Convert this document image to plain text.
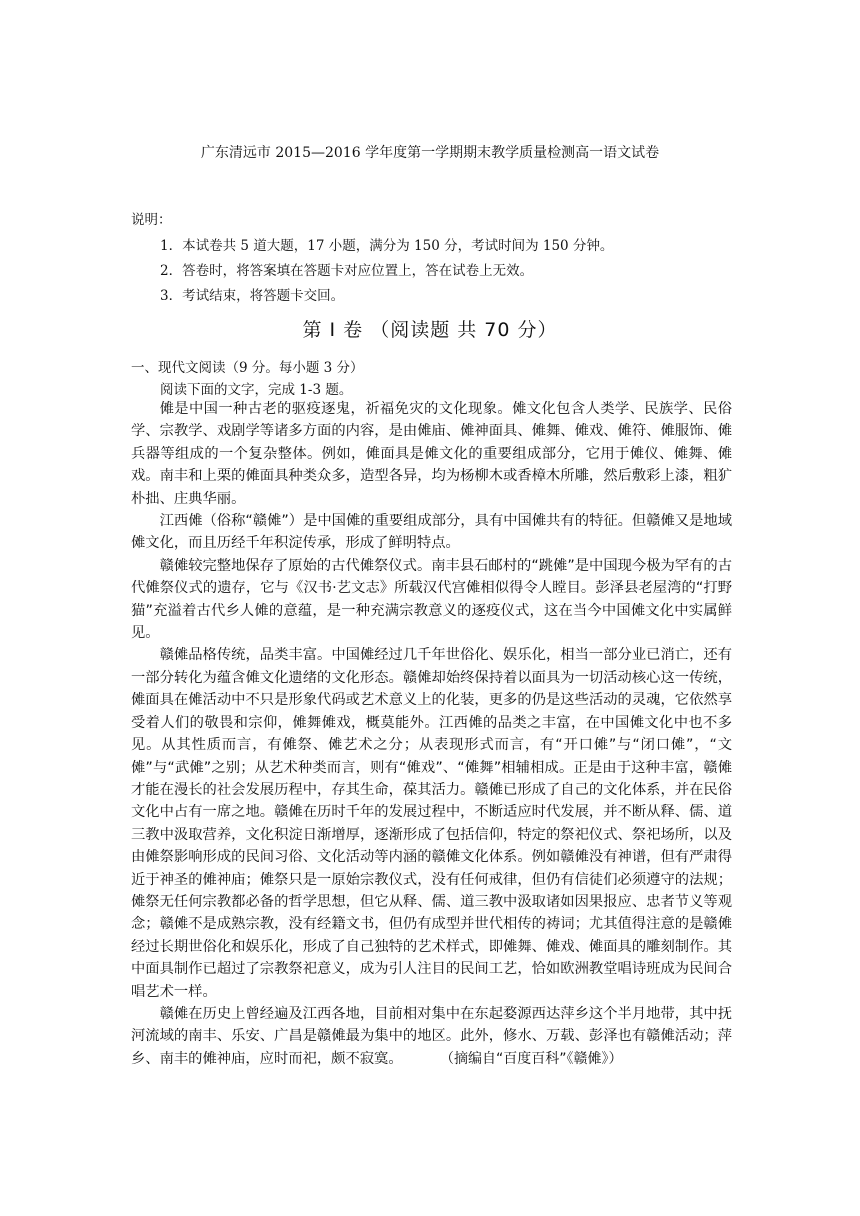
广东清远市 2015—2016 学年度第一学期期末教学质量检测高一语文试卷
说明：
1．本试卷共 5 道大题，17 小题，满分为 150 分，考试时间为 150 分钟。
2．答卷时，将答案填在答题卡对应位置上，答在试卷上无效。
3．考试结束，将答题卡交回。
第 I 卷 （阅读题 共 70 分）
一、现代文阅读（9 分。每小题 3 分）
阅读下面的文字，完成 1-3 题。

傩是中国一种古老的驱疫逐鬼，祈福免灾的文化现象。傩文化包含人类学、民族学、民俗学、宗教学、戏剧学等诸多方面的内容，是由傩庙、傩神面具、傩舞、傩戏、傩符、傩服饰、傩兵器等组成的一个复杂整体。例如，傩面具是傩文化的重要组成部分，它用于傩仪、傩舞、傩戏。南丰和上栗的傩面具种类众多，造型各异，均为杨柳木或香樟木所雕，然后敷彩上漆，粗犷朴拙、庄典华丽。

江西傩（俗称“赣傩”）是中国傩的重要组成部分，具有中国傩共有的特征。但赣傩又是地域傩文化，而且历经千年积淀传承，形成了鲜明特点。

赣傩较完整地保存了原始的古代傩祭仪式。南丰县石邮村的“跳傩”是中国现今极为罕有的古代傩祭仪式的遗存，它与《汉书·艺文志》所载汉代宫傩相似得令人瞠目。彭泽县老屋湾的“打野猫”充溢着古代乡人傩的意蕴，是一种充满宗教意义的逐疫仪式，这在当今中国傩文化中实属鲜见。

赣傩品格传统，品类丰富。中国傩经过几千年世俗化、娱乐化，相当一部分业已消亡，还有一部分转化为蕴含傩文化遗绪的文化形态。赣傩却始终保持着以面具为一切活动核心这一传统，傩面具在傩活动中不只是形象代码或艺术意义上的化装，更多的仍是这些活动的灵魂，它依然享受着人们的敬畏和宗仰，傩舞傩戏，概莫能外。江西傩的品类之丰富，在中国傩文化中也不多见。从其性质而言，有傩祭、傩艺术之分；从表现形式而言，有“开口傩”与“闭口傩”，“文傩”与“武傩”之别；从艺术种类而言，则有“傩戏”、“傩舞”相辅相成。正是由于这种丰富，赣傩才能在漫长的社会发展历程中，存其生命，葆其活力。赣傩已形成了自己的文化体系，并在民俗文化中占有一席之地。赣傩在历时千年的发展过程中，不断适应时代发展，并不断从释、儒、道三教中汲取营养，文化积淀日渐增厚，逐渐形成了包括信仰，特定的祭祀仪式、祭祀场所，以及由傩祭影响形成的民间习俗、文化活动等内涵的赣傩文化体系。例如赣傩没有神谱，但有严肃得近于神圣的傩神庙；傩祭只是一原始宗教仪式，没有任何戒律，但仍有信徒们必须遵守的法规；傩祭无任何宗教都必备的哲学思想，但它从释、儒、道三教中汲取诸如因果报应、忠者节义等观念；赣傩不是成熟宗教，没有经籍文书，但仍有成型并世代相传的祷词；尤其值得注意的是赣傩经过长期世俗化和娱乐化，形成了自己独特的艺术样式，即傩舞、傩戏、傩面具的雕刻制作。其中面具制作已超过了宗教祭祀意义，成为引人注目的民间工艺，恰如欧洲教堂唱诗班成为民间合唱艺术一样。

赣傩在历史上曾经遍及江西各地，目前相对集中在东起婺源西达萍乡这个半月地带，其中抚河流域的南丰、乐安、广昌是赣傩最为集中的地区。此外，修水、万载、彭泽也有赣傩活动；萍乡、南丰的傩神庙，应时而祀，颇不寂寞。	（摘编自“百度百科”《赣傩》）
